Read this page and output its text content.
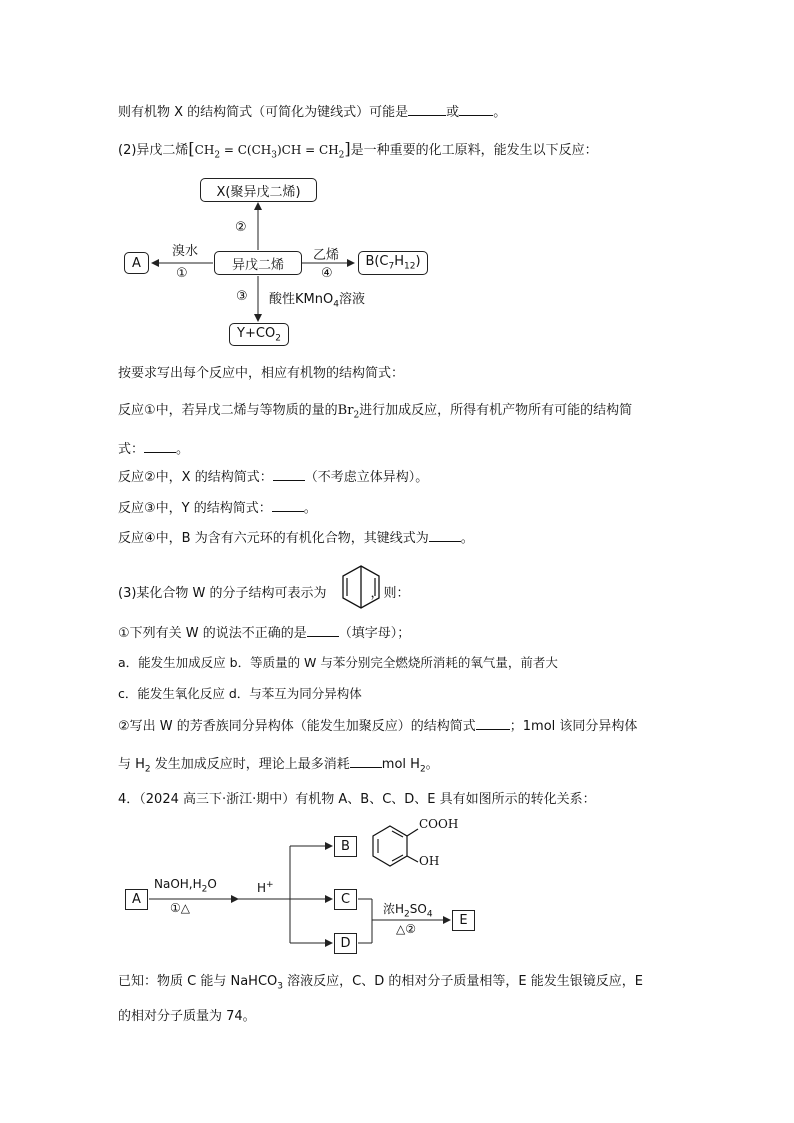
则有机物 X 的结构简式（可简化为键线式）可能是	或	。
(2)异戊二烯$[CH_2 = C(CH_3)CH = CH_2]$是一种重要的化工原料，能发生以下反应：
X(聚异戊二烯)
异戊二烯
A	$B(C_7H_{12})$
$Y+CO_2$
溴水
①
②
乙烯
④
③ 酸性KMnO$_4$溶液
按要求写出每个反应中，相应有机物的结构简式：
反应①中，若异戊二烯与等物质的量的$Br_2$进行加成反应，所得有机产物所有可能的结构简
式： 。
反应②中，X 的结构简式： （不考虑立体异构）。
反应③中，Y 的结构简式： 。
反应④中，B 为含有六元环的有机化合物，其键线式为 。
(3)某化合物 W 的分子结构可表示为	，则：
①下列有关 W 的说法不正确的是 （填字母）；
a．能发生加成反应 b．等质量的 W 与苯分别完全燃烧所消耗的氧气量，前者大
c．能发生氧化反应 d．与苯互为同分异构体
②写出 W 的芳香族同分异构体（能发生加聚反应）的结构简式	；1mol 该同分异构体
与 $H_2$ 发生加成反应时，理论上最多消耗 mol $H_2$。
4．（2024 高三下·浙江·期中）有机物 A、B、C、D、E 具有如图所示的转化关系：
A
B
C
D
E
$NaOH,H_2O$
①△
H+
浓$H_2SO_4$
△②
COOH
OH
已知：物质 C 能与 NaHCO$_3$ 溶液反应，C、D 的相对分子质量相等，E 能发生银镜反应，E
的相对分子质量为 74。
